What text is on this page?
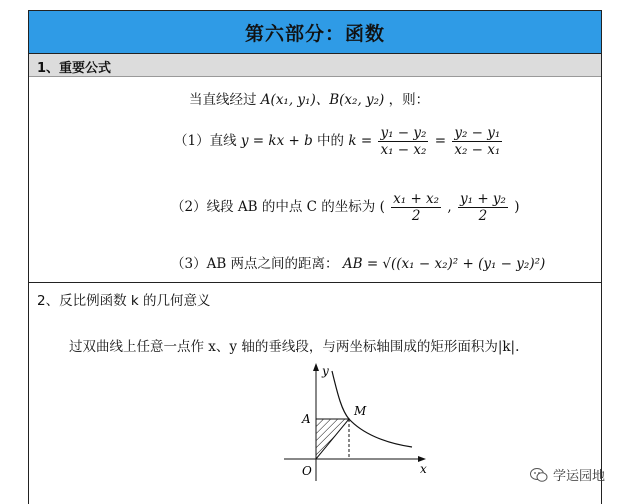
第六部分：函数
1、重要公式
当直线经过 A(x₁, y₁)、B(x₂, y₂) ，则：
（1）直线 y = kx + b 中的 $k = \frac{\text{y₁ − y₂}}{\text{x₁ − x₂}} = \frac{\text{y₂ − y₁}}{\text{x₂ − x₁}}$
（2）线段 AB 的中点 C 的坐标为 ( $\frac{\text{x₁ + x₂}}{2}$ , $\frac{\text{y₁ + y₂}}{2}$ )
（3）AB 两点之间的距离： AB = √((x₁ − x₂)² + (y₁ − y₂)²)
2、反比例函数 k 的几何意义
过双曲线上任意一点作 x、y 轴的垂线段，与两坐标轴围成的矩形面积为|k|.
y
x
A
M
O	学运园地
